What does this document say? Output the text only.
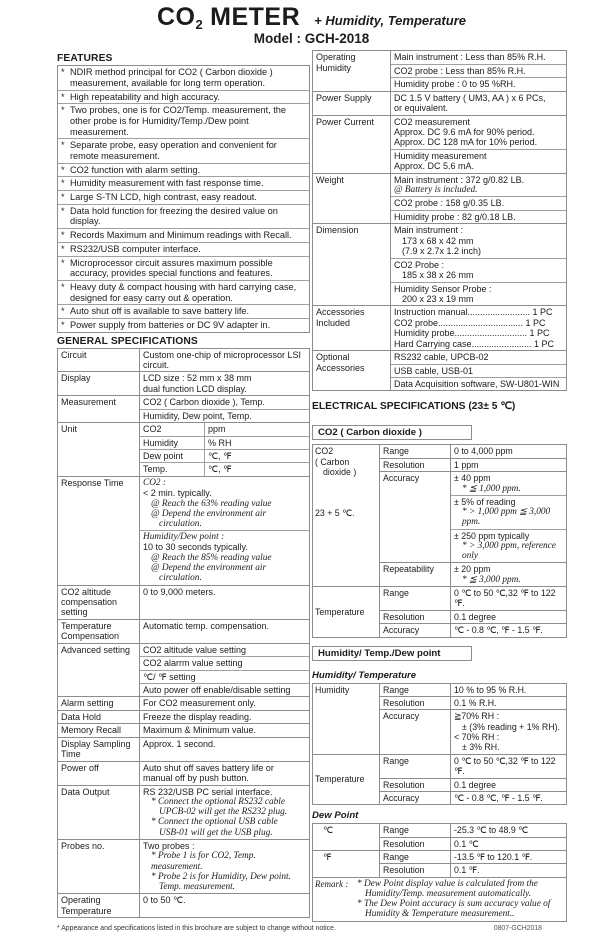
$CO_2$ METER + Humidity, Temperature
Model : GCH-2018
FEATURES
* NDIR method principal for CO2 ( Carbon dioxide ) measurement, available for long term operation.
* High repeatability and high accuracy.
* Two probes, one is for CO2/Temp. measurement, the other probe is for Humidity/Temp./Dew point measurement.
* Separate probe, easy operation and convenient for remote measurement.
* CO2 function with alarm setting.
* Humidity measurement with fast response time.
* Large S-TN LCD, high contrast, easy readout.
* Data hold function for freezing the desired value on display.
* Records Maximum and Minimum readings with Recall.
* RS232/USB computer interface.
* Microprocessor circuit assures maximum possible accuracy, provides special functions and features.
* Heavy duty & compact housing with hard carrying case, designed for easy carry out & operation.
* Auto shut off is available to save battery life.
* Power supply from batteries or DC 9V adapter in.
GENERAL SPECIFICATIONS
Circuit	Custom one-chip of microprocessor LSI
circuit.

Display	LCD size : 52 mm x 38 mm
dual function LCD display.

Measurement	CO2 ( Carbon dioxide ), Temp.
Humidity, Dew point, Temp.

Unit	CO2	ppm
Humidity	% RH
Dew point	℃, ℉
Temp.	℃, ℉

Response Time	CO2 :
< 2 min. typically.
@ Reach the 63% reading value
@ Depend the environment air
circulation.
Humidity/Dew point :
10 to 30 seconds typically.
@ Reach the 85% reading value
@ Depend the environment air
circulation.

CO2 altitude compensation setting	0 to 9,000 meters.

Temperature Compensation	Automatic temp. compensation.

Advanced setting	CO2 altitude value setting
CO2 alarrm value setting
℃/ ℉ setting
Auto power off enable/disable setting

Alarm setting	For CO2 measurement only.

Data Hold	Freeze the display reading.

Memory Recall	Maximum & Minimum value.

Display Sampling Time	Approx. 1 second.

Power off	Auto shut off saves battery life or
manual off by push button.

Data Output	RS 232/USB PC serial interface.
* Connect the optional RS232 cable
UPCB-02 will get the RS232 plug.
* Connect the optional USB cable
USB-01 will get the USB plug.

Probes no.	Two probes :
* Probe 1 is for CO2, Temp. measurement.
* Probe 2 is for Humidity, Dew point.
Temp. measurement.

Operating Temperature	0 to 50 ℃.
Operating Humidity	Main instrument : Less than 85% R.H.
CO2 probe : Less than 85% R.H.
Humidity probe : 0 to 95 %RH.

Power Supply	DC 1.5 V battery ( UM3, AA ) x 6 PCs,
or equivalent.

Power Current	CO2 measurement
Approx. DC 9.6 mA for 90% period.
Approx. DC 128 mA for 10% period.
Humidity measurement
Approx. DC 5.6 mA.

Weight	Main instrument : 372 g/0.82 LB.
@ Battery is included.
CO2 probe : 158 g/0.35 LB.
Humidity probe : 82 g/0.18 LB.

Dimension	Main instrument :
173 x 68 x 42 mm
(7.9 x 2.7x 1.2 inch)
CO2 Probe :
185 x 38 x 26 mm
Humidity Sensor Probe :
200 x 23 x 19 mm

Accessories Included	Instruction manual......................... 1 PC
CO2 probe.................................. 1 PC
Humidity probe............................. 1 PC
Hard Carrying case........................ 1 PC

Optional Accessories	RS232 cable, UPCB-02
USB cable, USB-01
Data Acquisition software, SW-U801-WIN
ELECTRICAL SPECIFICATIONS (23± 5 ℃)
CO2 ( Carbon dioxide )
CO2
( Carbon
dioxide )
23 + 5 ℃.	Range	0 to 4,000 ppm

	Resolution	1 ppm

Accuracy	± 40 ppm
* ≦ 1,000 ppm.
± 5% of reading
* > 1,000 ppm ≦ 3,000 ppm.
± 250 ppm typically
* > 3,000 ppm, reference only

	Repeatability	± 20 ppm
* ≦ 3,000 ppm.

Temperature	Range	0 ℃ to 50 ℃,32 ℉ to 122 ℉.

	Resolution	0.1 degree

	Accuracy	℃ - 0.8 ℃, ℉ - 1.5 ℉.
Humidity/ Temp./Dew point
Humidity/ Temperature
Humidity	Range	10 % to 95 % R.H.

	Resolution	0.1 % R.H.

	Accuracy	≧70% RH :
± (3% reading + 1% RH).
< 70% RH :
± 3% RH.

Temperature	Range	0 ℃ to 50 ℃,32 ℉ to 122 ℉.

	Resolution	0.1 degree

	Accuracy	℃ - 0.8 ℃, ℉ - 1.5 ℉.
Dew Point
℃	Range	-25.3 ℃ to 48.9 ℃

	Resolution	0.1 ℃

℉	Range	-13.5 ℉ to 120.1 ℉.

	Resolution	0.1 ℉.

Remark : * Dew Point display value is calculated from the
Humidity/Temp. measurement automatically.
* The Dew Point accuracy is sum accuracy value of
Humidity & Temperature measurement..		
* Appearance and specifications listed in this brochure are subject to change without notice.	0807-GCH2018
